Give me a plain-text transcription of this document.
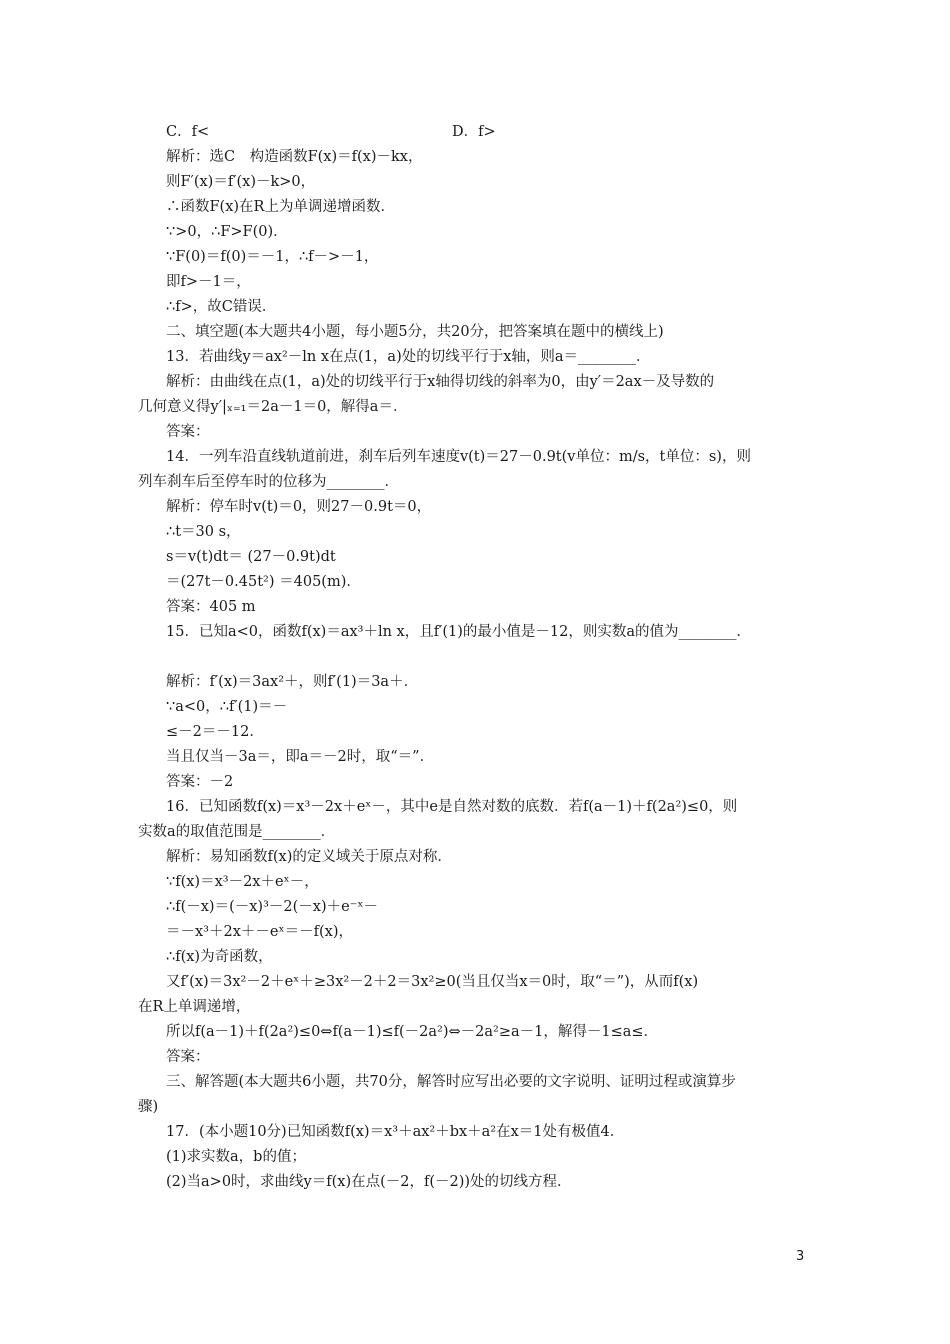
C．f<	D．f>
解析：选C　构造函数F(x)＝f(x)－kx，
则F′(x)＝f′(x)－k>0，
∴函数F(x)在R上为单调递增函数．
∵>0，∴F>F(0)．
∵F(0)＝f(0)＝－1，∴f－>－1，
即f>－1＝，
∴f>，故C错误．
二、填空题(本大题共4小题，每小题5分，共20分，把答案填在题中的横线上)
13．若曲线y＝ax²－ln x在点(1，a)处的切线平行于x轴，则a＝________．
解析：由曲线在点(1，a)处的切线平行于x轴得切线的斜率为0，由y′＝2ax－及导数的
几何意义得y′|ₓ₌₁＝2a－1＝0，解得a＝．
答案：
14．一列车沿直线轨道前进，刹车后列车速度v(t)＝27－0.9t(v单位：m/s，t单位：s)，则
列车刹车后至停车时的位移为________．
解析：停车时v(t)＝0，则27－0.9t＝0，
∴t＝30 s，
s＝v(t)dt＝ (27－0.9t)dt
＝(27t－0.45t²) ＝405(m)．
答案：405 m
15．已知a<0，函数f(x)＝ax³＋ln x，且f′(1)的最小值是－12，则实数a的值为________．
解析：f′(x)＝3ax²＋，则f′(1)＝3a＋．
∵a<0，∴f′(1)＝－
≤－2＝－12．
当且仅当－3a＝，即a＝－2时，取“＝”．
答案：－2
16．已知函数f(x)＝x³－2x＋eˣ－，其中e是自然对数的底数．若f(a－1)＋f(2a²)≤0，则
实数a的取值范围是________．
解析：易知函数f(x)的定义域关于原点对称．
∵f(x)＝x³－2x＋eˣ－，
∴f(－x)＝(－x)³－2(－x)＋e⁻ˣ－
＝－x³＋2x＋－eˣ＝－f(x)，
∴f(x)为奇函数，
又f′(x)＝3x²－2＋eˣ＋≥3x²－2＋2＝3x²≥0(当且仅当x＝0时，取“＝”)，从而f(x)
在R上单调递增，
所以f(a－1)＋f(2a²)≤0⇔f(a－1)≤f(－2a²)⇔－2a²≥a－1，解得－1≤a≤．
答案：
三、解答题(本大题共6小题，共70分，解答时应写出必要的文字说明、证明过程或演算步
骤)
17．(本小题10分)已知函数f(x)＝x³＋ax²＋bx＋a²在x＝1处有极值4．
(1)求实数a，b的值；
(2)当a>0时，求曲线y＝f(x)在点(－2，f(－2))处的切线方程．
3
